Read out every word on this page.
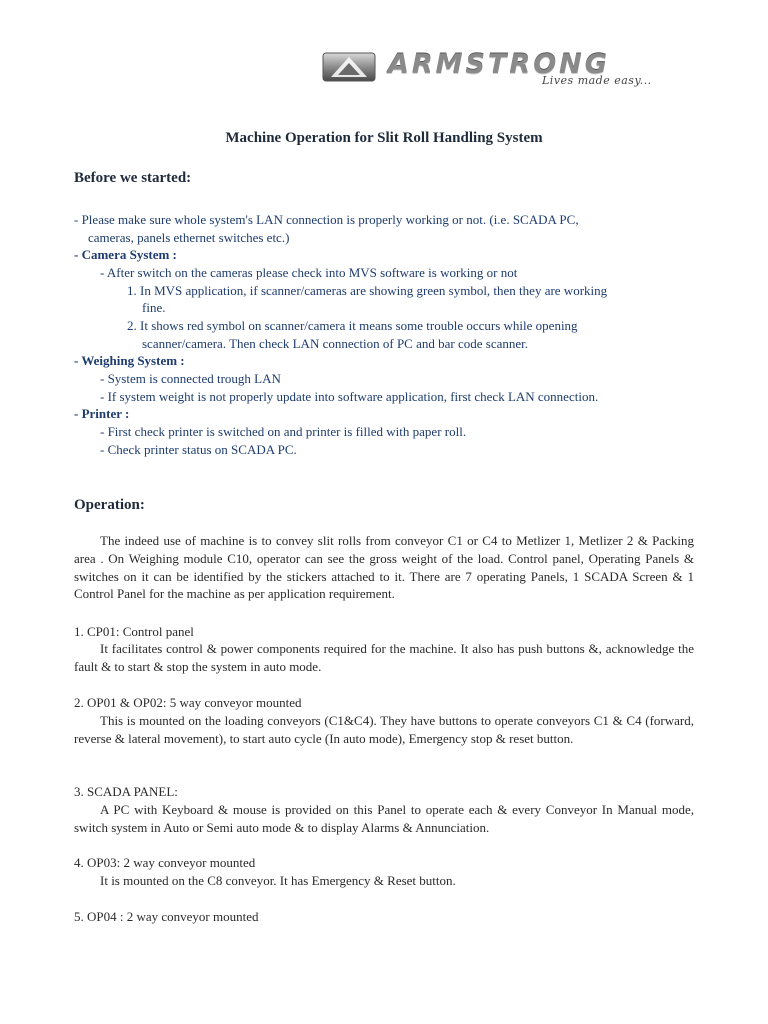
ARMSTRONG
Lives made easy...
Machine Operation for Slit Roll Handling System
Before we started:

- Please make sure whole system's LAN connection is properly working or not. (i.e. SCADA PC,

cameras, panels ethernet switches etc.)

- Camera System :

- After switch on the cameras please check into MVS software is working or not

1. In MVS application, if scanner/cameras are showing green symbol, then they are working

fine.

2. It shows red symbol on scanner/camera it means some trouble occurs while opening

scanner/camera. Then check LAN connection of PC and bar code scanner.

- Weighing System :

- System is connected trough LAN

- If system weight is not properly update into software application, first check LAN connection.

- Printer :

- First check printer is switched on and printer is filled with paper roll.

- Check printer status on SCADA PC.

Operation:

The indeed use of machine is to convey slit rolls from conveyor C1 or C4 to Metlizer 1, Metlizer 2 & Packing area . On Weighing module C10, operator can see the gross weight of the load. Control panel, Operating Panels & switches on it can be identified by the stickers attached to it. There are 7 operating Panels, 1 SCADA Screen & 1 Control Panel for the machine as per application requirement.

1. CP01: Control panel

It facilitates control & power components required for the machine. It also has push buttons &, acknowledge the fault & to start & stop the system in auto mode.

2. OP01 & OP02: 5 way conveyor mounted

This is mounted on the loading conveyors (C1&C4). They have buttons to operate conveyors C1 & C4 (forward, reverse & lateral movement), to start auto cycle (In auto mode), Emergency stop & reset button.

3. SCADA PANEL:

A PC with Keyboard & mouse is provided on this Panel to operate each & every Conveyor In Manual mode, switch system in Auto or Semi auto mode & to display Alarms & Annunciation.

4. OP03: 2 way conveyor mounted

It is mounted on the C8 conveyor. It has Emergency & Reset button.

5. OP04 : 2 way conveyor mounted
